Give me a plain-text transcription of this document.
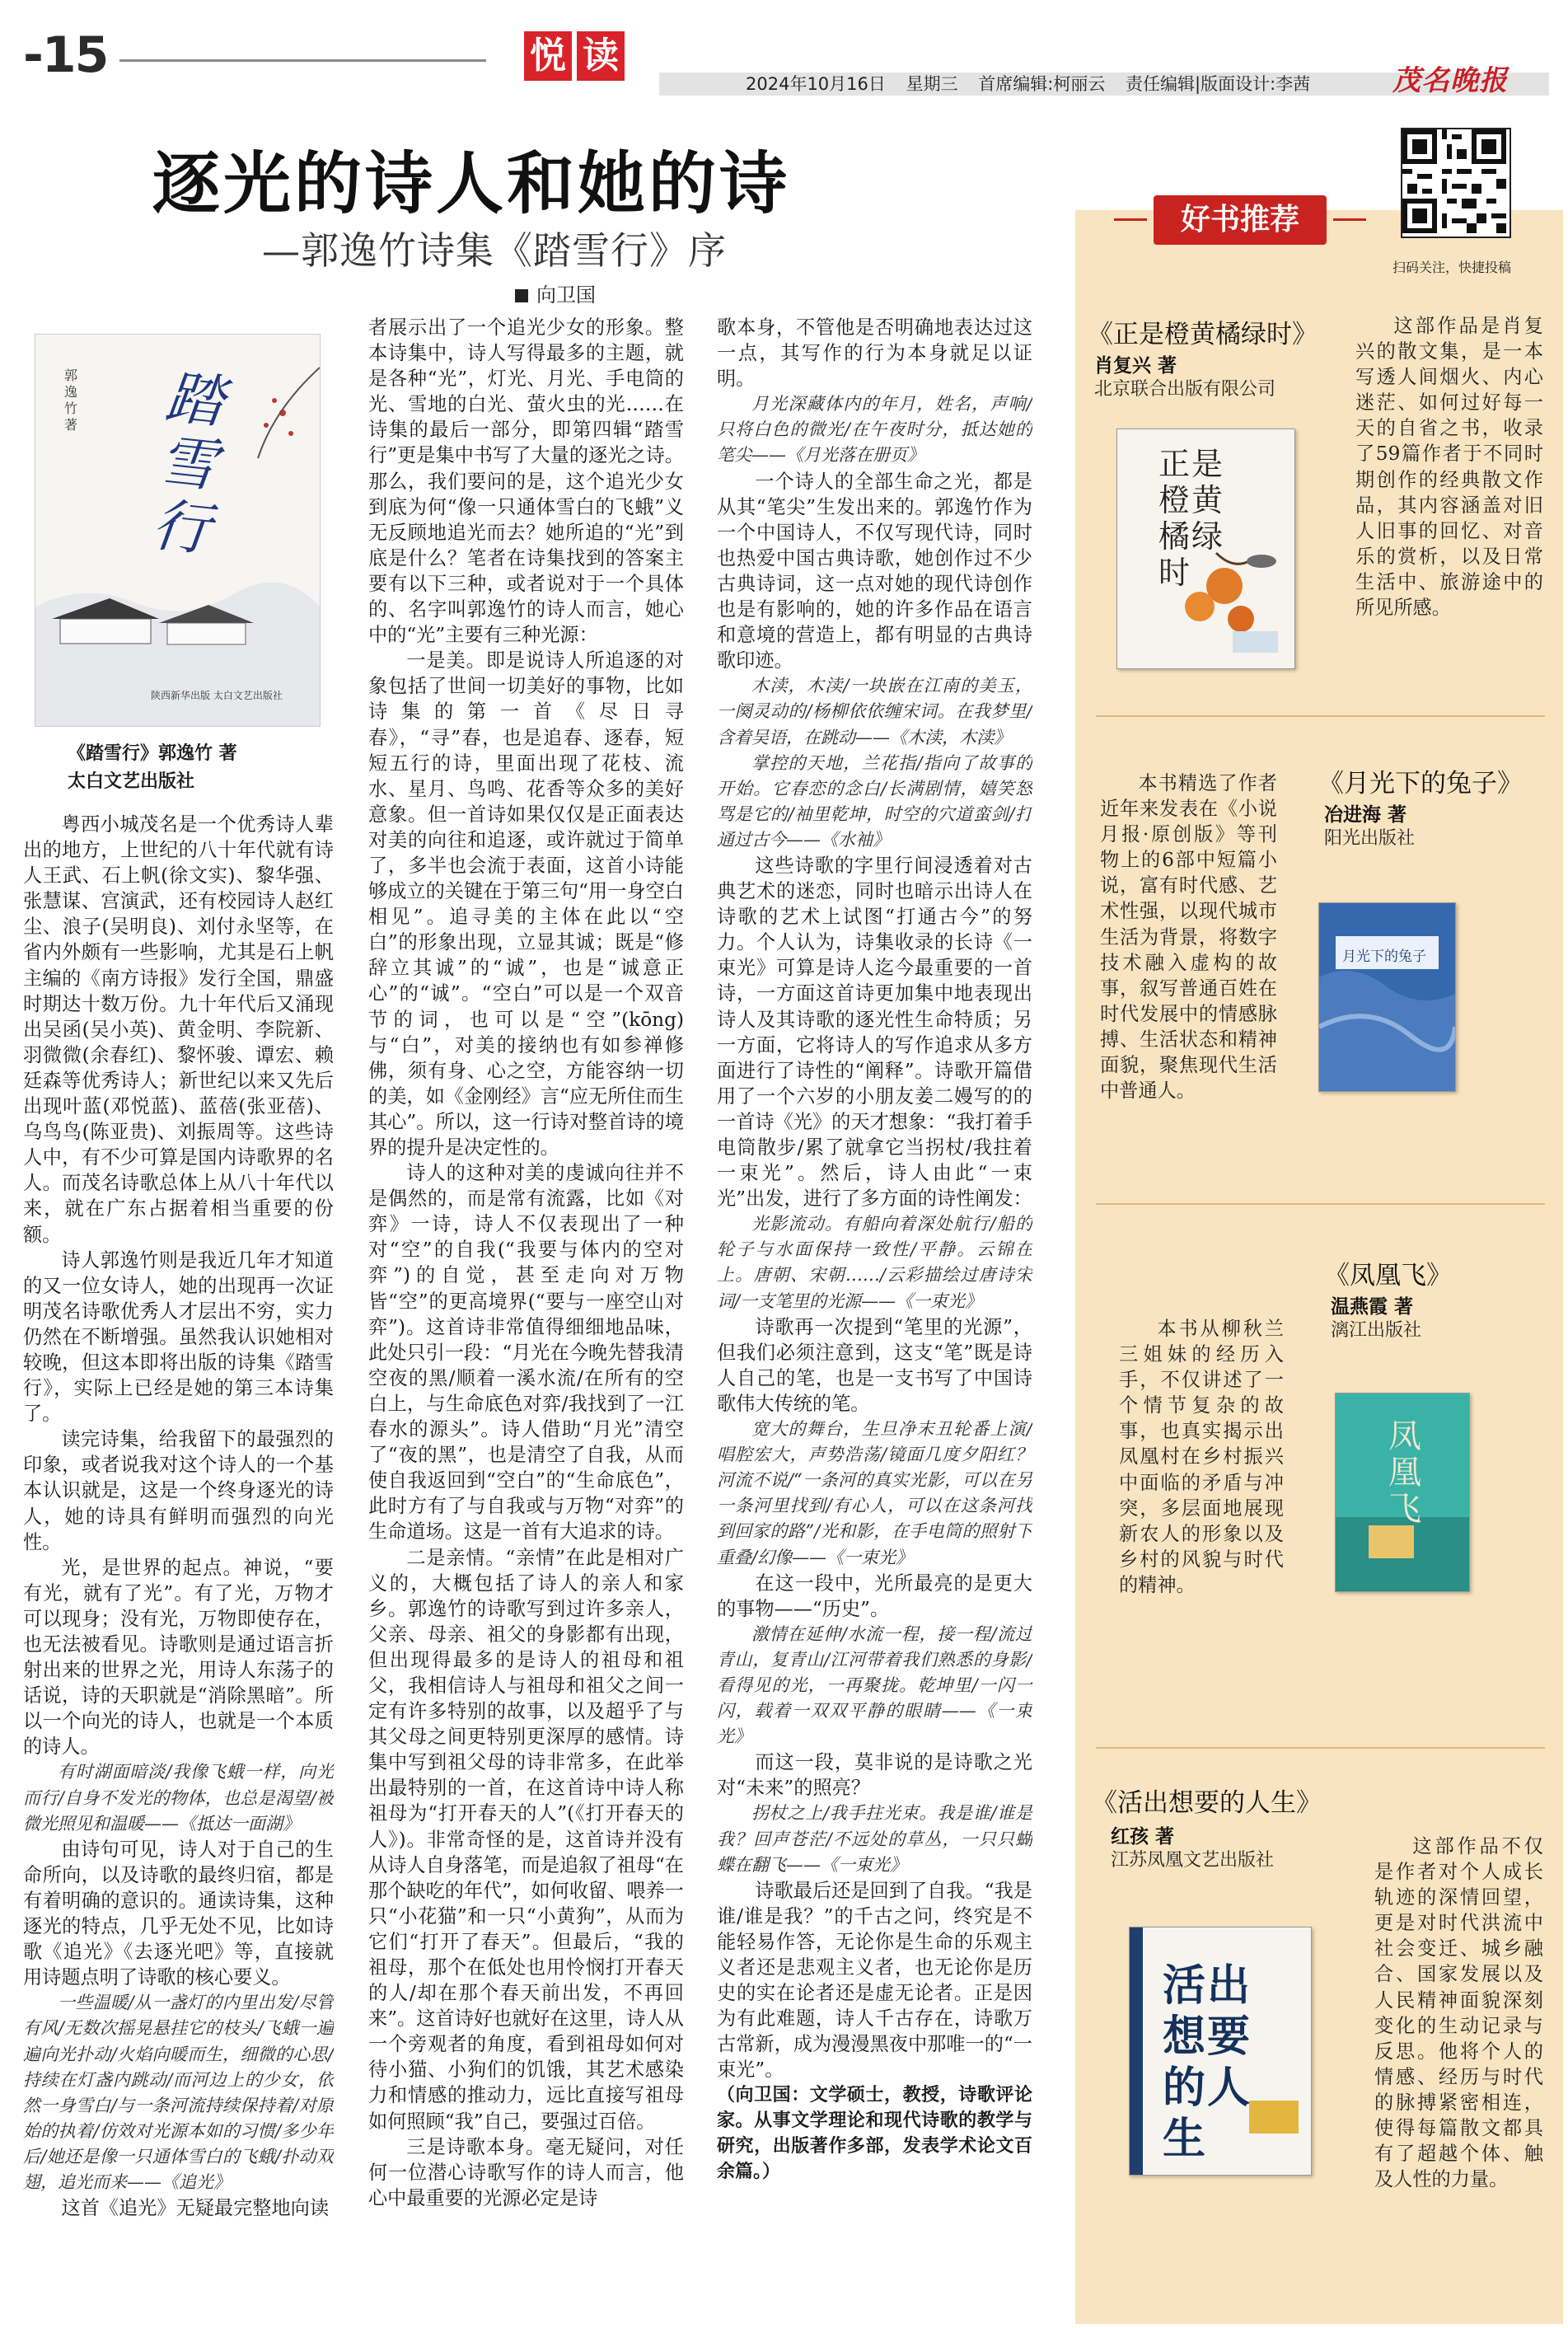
-15	悦 读
2024年10月16日 星期三 首席编辑:柯丽云 责任编辑|版面设计:李茜	茂名晚报
逐光的诗人和她的诗
—郭逸竹诗集《踏雪行》序
向卫国
郭逸竹 著 踏雪行
陕西新华出版 太白文艺出版社
《踏雪行》郭逸竹 著
太白文艺出版社

粤西小城茂名是一个优秀诗人辈出的地方，上世纪的八十年代就有诗人王武、石上帆(徐文实)、黎华强、张慧谋、宫演武，还有校园诗人赵红尘、浪子(吴明良)、刘付永坚等，在省内外颇有一些影响，尤其是石上帆主编的《南方诗报》发行全国，鼎盛时期达十数万份。九十年代后又涌现出吴函(吴小英)、黄金明、李院新、羽微微(余春红)、黎怀骏、谭宏、赖廷森等优秀诗人；新世纪以来又先后出现叶蓝(邓悦蓝)、蓝蓓(张亚蓓)、乌鸟鸟(陈亚贵)、刘振周等。这些诗人中，有不少可算是国内诗歌界的名人。而茂名诗歌总体上从八十年代以来，就在广东占据着相当重要的份额。

诗人郭逸竹则是我近几年才知道的又一位女诗人，她的出现再一次证明茂名诗歌优秀人才层出不穷，实力仍然在不断增强。虽然我认识她相对较晚，但这本即将出版的诗集《踏雪行》，实际上已经是她的第三本诗集了。

读完诗集，给我留下的最强烈的印象，或者说我对这个诗人的一个基本认识就是，这是一个终身逐光的诗人，她的诗具有鲜明而强烈的向光性。

光，是世界的起点。神说，“要有光，就有了光”。有了光，万物才可以现身；没有光，万物即使存在，也无法被看见。诗歌则是通过语言折射出来的世界之光，用诗人东荡子的话说，诗的天职就是“消除黑暗”。所以一个向光的诗人，也就是一个本质的诗人。

有时湖面暗淡/我像飞蛾一样，向光而行/自身不发光的物体，也总是渴望/被微光照见和温暖——《抵达一面湖》

由诗句可见，诗人对于自己的生命所向，以及诗歌的最终归宿，都是有着明确的意识的。通读诗集，这种逐光的特点，几乎无处不见，比如诗歌《追光》《去逐光吧》等，直接就用诗题点明了诗歌的核心要义。

一些温暖/从一盏灯的内里出发/尽管有风/无数次摇晃悬挂它的枝头/飞蛾一遍遍向光扑动/火焰向暖而生，细微的心思/持续在灯盏内跳动/而河边上的少女，依然一身雪白/与一条河流持续保持着/对原始的执着/仿效对光源本如的习惯/多少年后/她还是像一只通体雪白的飞蛾/扑动双翅，追光而来——《追光》

这首《追光》无疑最完整地向读

者展示出了一个追光少女的形象。整本诗集中，诗人写得最多的主题，就是各种“光”，灯光、月光、手电筒的光、雪地的白光、萤火虫的光……在诗集的最后一部分，即第四辑“踏雪行”更是集中书写了大量的逐光之诗。那么，我们要问的是，这个追光少女到底为何“像一只通体雪白的飞蛾”义无反顾地追光而去？她所追的“光”到底是什么？笔者在诗集找到的答案主要有以下三种，或者说对于一个具体的、名字叫郭逸竹的诗人而言，她心中的“光”主要有三种光源：

一是美。即是说诗人所追逐的对象包括了世间一切美好的事物，比如诗集的第一首《尽日寻春》，“寻”春，也是追春、逐春，短短五行的诗，里面出现了花枝、流水、星月、鸟鸣、花香等众多的美好意象。但一首诗如果仅仅是正面表达对美的向往和追逐，或许就过于简单了，多半也会流于表面，这首小诗能够成立的关键在于第三句“用一身空白相见”。追寻美的主体在此以“空白”的形象出现，立显其诚；既是“修辞立其诚”的“诚”，也是“诚意正心”的“诚”。“空白”可以是一个双音节的词，也可以是“空”(kōng)与“白”，对美的接纳也有如参禅修佛，须有身、心之空，方能容纳一切的美，如《金刚经》言“应无所住而生其心”。所以，这一行诗对整首诗的境界的提升是决定性的。

诗人的这种对美的虔诚向往并不是偶然的，而是常有流露，比如《对弈》一诗，诗人不仅表现出了一种对“空”的自我(“我要与体内的空对弈”)的自觉，甚至走向对万物皆“空”的更高境界(“要与一座空山对弈”)。这首诗非常值得细细地品味，此处只引一段：“月光在今晚先替我清空夜的黑/顺着一溪水流/在所有的空白上，与生命底色对弈/我找到了一江春水的源头”。诗人借助“月光”清空了“夜的黑”，也是清空了自我，从而使自我返回到“空白”的“生命底色”，此时方有了与自我或与万物“对弈”的生命道场。这是一首有大追求的诗。

二是亲情。“亲情”在此是相对广义的，大概包括了诗人的亲人和家乡。郭逸竹的诗歌写到过许多亲人，父亲、母亲、祖父的身影都有出现，但出现得最多的是诗人的祖母和祖父，我相信诗人与祖母和祖父之间一定有许多特别的故事，以及超乎了与其父母之间更特别更深厚的感情。诗集中写到祖父母的诗非常多，在此举出最特别的一首，在这首诗中诗人称祖母为“打开春天的人”(《打开春天的人》)。非常奇怪的是，这首诗并没有从诗人自身落笔，而是追叙了祖母“在那个缺吃的年代”，如何收留、喂养一只“小花猫”和一只“小黄狗”，从而为它们“打开了春天”。但最后，“我的祖母，那个在低处也用怜悯打开春天的人/却在那个春天前出发，不再回来”。这首诗好也就好在这里，诗人从一个旁观者的角度，看到祖母如何对待小猫、小狗们的饥饿，其艺术感染力和情感的推动力，远比直接写祖母如何照顾“我”自己，要强过百倍。

三是诗歌本身。毫无疑问，对任何一位潜心诗歌写作的诗人而言，他心中最重要的光源必定是诗

歌本身，不管他是否明确地表达过这一点，其写作的行为本身就足以证明。

月光深藏体内的年月，姓名，声响/只将白色的微光/在午夜时分，抵达她的笔尖——《月光落在册页》

一个诗人的全部生命之光，都是从其“笔尖”生发出来的。郭逸竹作为一个中国诗人，不仅写现代诗，同时也热爱中国古典诗歌，她创作过不少古典诗词，这一点对她的现代诗创作也是有影响的，她的许多作品在语言和意境的营造上，都有明显的古典诗歌印迹。

木渎，木渎/一块嵌在江南的美玉，一阕灵动的/杨柳依依缠宋词。在我梦里/含着吴语，在跳动——《木渎，木渎》

掌控的天地，兰花指/指向了故事的开始。它春恋的念白/长满剧情，嬉笑怒骂是它的/袖里乾坤，时空的穴道蛮剑/打通过古今——《水袖》

这些诗歌的字里行间浸透着对古典艺术的迷恋，同时也暗示出诗人在诗歌的艺术上试图“打通古今”的努力。个人认为，诗集收录的长诗《一束光》可算是诗人迄今最重要的一首诗，一方面这首诗更加集中地表现出诗人及其诗歌的逐光性生命特质；另一方面，它将诗人的写作追求从多方面进行了诗性的“阐释”。诗歌开篇借用了一个六岁的小朋友姜二嫚写的的一首诗《光》的天才想象：“我打着手电筒散步/累了就拿它当拐杖/我拄着一束光”。然后，诗人由此“一束光”出发，进行了多方面的诗性阐发：

光影流动。有船向着深处航行/船的轮子与水面保持一致性/平静。云锦在上。唐朝、宋朝……/云彩描绘过唐诗宋词/一支笔里的光源——《一束光》

诗歌再一次提到“笔里的光源”，但我们必须注意到，这支“笔”既是诗人自己的笔，也是一支书写了中国诗歌伟大传统的笔。

宽大的舞台，生旦净末丑轮番上演/唱腔宏大，声势浩荡/镜面几度夕阳红？河流不说/“一条河的真实光影，可以在另一条河里找到/有心人，可以在这条河找到回家的路”/光和影，在手电筒的照射下重叠/幻像——《一束光》

在这一段中，光所最亮的是更大的事物——“历史”。

激情在延伸/水流一程，接一程/流过青山，复青山/江河带着我们熟悉的身影/看得见的光，一再聚拢。乾坤里/一闪一闪，载着一双双平静的眼睛——《一束光》

而这一段，莫非说的是诗歌之光对“未来”的照亮？

拐杖之上/我手拄光束。我是谁/谁是我？回声苍茫/不远处的草丛，一只只蝴蝶在翻飞——《一束光》

诗歌最后还是回到了自我。“我是谁/谁是我？”的千古之问，终究是不能轻易作答，无论你是生命的乐观主义者还是悲观主义者，也无论你是历史的实在论者还是虚无论者。正是因为有此难题，诗人千古存在，诗歌万古常新，成为漫漫黑夜中那唯一的“一束光”。

（向卫国：文学硕士，教授，诗歌评论家。从事文学理论和现代诗歌的教学与研究，出版著作多部，发表学术论文百余篇。）

好书推荐
扫码关注，快捷投稿
《正是橙黄橘绿时》
肖复兴 著
北京联合出版有限公司
正是橙黄橘绿时

这部作品是肖复兴的散文集，是一本写透人间烟火、内心迷茫、如何过好每一天的自省之书，收录了59篇作者于不同时期创作的经典散文作品，其内容涵盖对旧人旧事的回忆、对音乐的赏析，以及日常生活中、旅游途中的所见所感。

本书精选了作者近年来发表在《小说月报·原创版》等刊物上的6部中短篇小说，富有时代感、艺术性强，以现代城市生活为背景，将数字技术融入虚构的故事，叙写普通百姓在时代发展中的情感脉搏、生活状态和精神面貌，聚焦现代生活中普通人。

《月光下的兔子》
冶进海 著
阳光出版社
月光下的兔子
《凤凰飞》
温燕霞 著
漓江出版社

本书从柳秋兰三姐妹的经历入手，不仅讲述了一个情节复杂的故事，也真实揭示出凤凰村在乡村振兴中面临的矛盾与冲突，多层面地展现新农人的形象以及乡村的风貌与时代的精神。

凤凰飞
《活出想要的人生》
红孩 著
江苏凤凰文艺出版社

这部作品不仅是作者对个人成长轨迹的深情回望，更是对时代洪流中社会变迁、城乡融合、国家发展以及人民精神面貌深刻变化的生动记录与反思。他将个人的情感、经历与时代的脉搏紧密相连，使得每篇散文都具有了超越个体、触及人性的力量。

活出想要的人生
